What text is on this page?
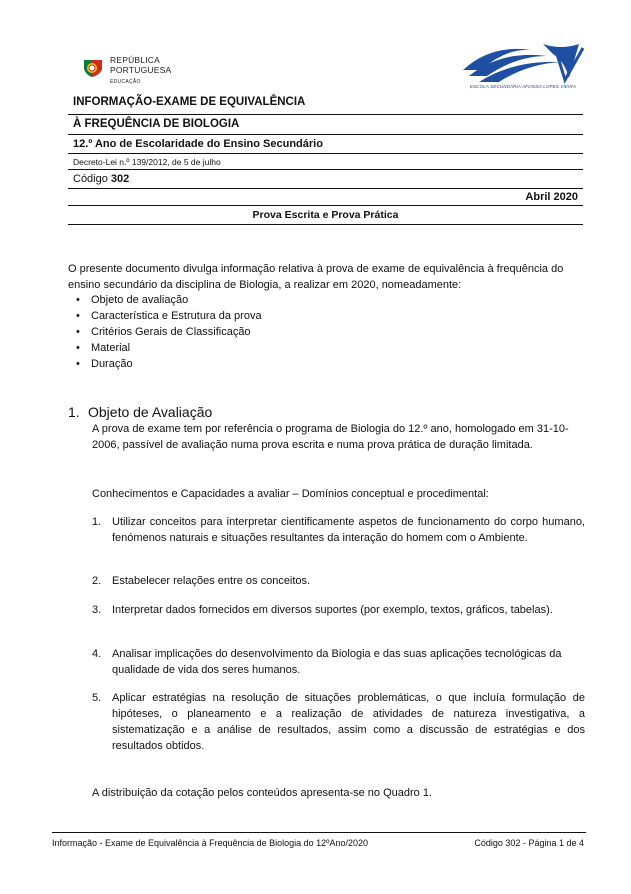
REPÚBLICA
PORTUGUESA
EDUCAÇÃO
ESCOLA SECUNDÁRIA AFONSO LOPES VIEIRA
INFORMAÇÃO-EXAME DE EQUIVALÊNCIA
À FREQUÊNCIA DE BIOLOGIA
12.º Ano de Escolaridade do Ensino Secundário
Decreto-Lei n.º 139/2012, de 5 de julho
Código 302
Abril 2020
Prova Escrita e Prova Prática
O presente documento divulga informação relativa à prova de exame de equivalência à frequência do ensino secundário da disciplina de Biologia, a realizar em 2020, nomeadamente:
• Objeto de avaliação
• Característica e Estrutura da prova
• Critérios Gerais de Classificação
• Material
• Duração
1. Objeto de Avaliação
A prova de exame tem por referência o programa de Biologia do 12.º ano, homologado em 31-10-2006, passível de avaliação numa prova escrita e numa prova prática de duração limitada.
Conhecimentos e Capacidades a avaliar – Domínios conceptual e procedimental:
1. Utilizar conceitos para interpretar cientificamente aspetos de funcionamento do corpo humano, fenómenos naturais e situações resultantes da interação do homem com o Ambiente.
2. Estabelecer relações entre os conceitos.
3. Interpretar dados fornecidos em diversos suportes (por exemplo, textos, gráficos, tabelas).
4. Analisar implicações do desenvolvimento da Biologia e das suas aplicações tecnológicas da qualidade de vida dos seres humanos.
5. Aplicar estratégias na resolução de situações problemáticas, o que incluía formulação de hipóteses, o planeamento e a realização de atividades de natureza investigativa, a sistematização e a análise de resultados, assim como a discussão de estratégias e dos resultados obtidos.
A distribuição da cotação pelos conteúdos apresenta-se no Quadro 1.
Informação - Exame de Equivalência à Frequência de Biologia do 12ºAno/2020	Código 302 - Página 1 de 4
